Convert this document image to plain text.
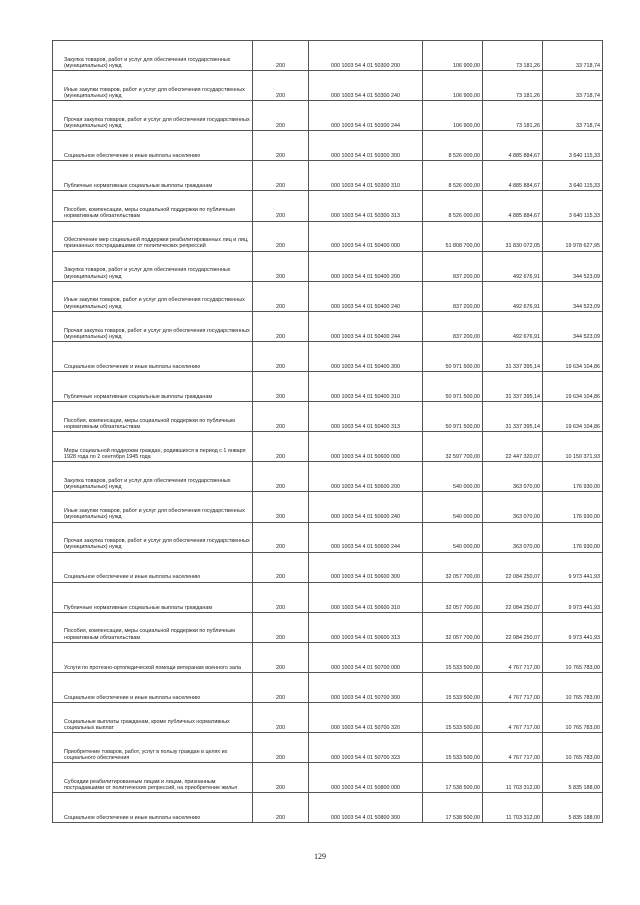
Закупка товаров, работ и услуг для обеспечения государственных (муниципальных) нужд	200	000 1003 54 4 01 50300 200	106 900,00	73 181,26	33 718,74
Иные закупки товаров, работ и услуг для обеспечения государственных (муниципальных) нужд	200	000 1003 54 4 01 50300 240	106 900,00	73 181,26	33 718,74
Прочая закупка товаров, работ и услуг для обеспечения государственных (муниципальных) нужд	200	000 1003 54 4 01 50300 244	106 900,00	73 181,26	33 718,74
Социальное обеспечение и иные выплаты населению	200	000 1003 54 4 01 50300 300	8 526 000,00	4 885 884,67	3 640 115,33
Публичные нормативные социальные выплаты гражданам	200	000 1003 54 4 01 50300 310	8 526 000,00	4 885 884,67	3 640 115,33
Пособия, компенсации, меры социальной поддержки по публичным нормативным обязательствам	200	000 1003 54 4 01 50300 313	8 526 000,00	4 885 884,67	3 640 115,33
Обеспечение мер социальной поддержки реабилитированных лиц и лиц, признанных пострадавшими от политических репрессий	200	000 1003 54 4 01 50400 000	51 808 700,00	31 830 072,05	19 978 627,95
Закупка товаров, работ и услуг для обеспечения государственных (муниципальных) нужд	200	000 1003 54 4 01 50400 200	837 200,00	492 676,91	344 523,09
Иные закупки товаров, работ и услуг для обеспечения государственных (муниципальных) нужд	200	000 1003 54 4 01 50400 240	837 200,00	492 676,91	344 523,09
Прочая закупка товаров, работ и услуг для обеспечения государственных (муниципальных) нужд	200	000 1003 54 4 01 50400 244	837 200,00	492 676,91	344 523,09
Социальное обеспечение и иные выплаты населению	200	000 1003 54 4 01 50400 300	50 971 500,00	31 337 395,14	19 634 104,86
Публичные нормативные социальные выплаты гражданам	200	000 1003 54 4 01 50400 310	50 971 500,00	31 337 395,14	19 634 104,86
Пособия, компенсации, меры социальной поддержки по публичным нормативным обязательствам	200	000 1003 54 4 01 50400 313	50 971 500,00	31 337 395,14	19 634 104,86
Меры социальной поддержки граждан, родившихся в период с 1 января 1928 года по 2 сентября 1945 года	200	000 1003 54 4 01 50600 000	32 597 700,00	22 447 320,07	10 150 371,93
Закупка товаров, работ и услуг для обеспечения государственных (муниципальных) нужд	200	000 1003 54 4 01 50600 200	540 000,00	363 070,00	176 930,00
Иные закупки товаров, работ и услуг для обеспечения государственных (муниципальных) нужд	200	000 1003 54 4 01 50600 240	540 000,00	363 070,00	176 930,00
Прочая закупка товаров, работ и услуг для обеспечения государственных (муниципальных) нужд	200	000 1003 54 4 01 50600 244	540 000,00	363 070,00	176 930,00
Социальное обеспечение и иные выплаты населению	200	000 1003 54 4 01 50600 300	32 057 700,00	22 084 250,07	9 973 441,93
Публичные нормативные социальные выплаты гражданам	200	000 1003 54 4 01 50600 310	32 057 700,00	22 084 250,07	9 973 441,93
Пособия, компенсации, меры социальной поддержки по публичным нормативным обязательствам	200	000 1003 54 4 01 50600 313	32 057 700,00	22 084 250,07	9 973 441,93
Услуги по протезно-ортопедической помощи ветеранам военного зала	200	000 1003 54 4 01 50700 000	15 533 500,00	4 767 717,00	10 765 783,00
Социальное обеспечение и иные выплаты населению	200	000 1003 54 4 01 50700 300	15 533 500,00	4 767 717,00	10 765 783,00
Социальные выплаты гражданам, кроме публичных нормативных социальных выплат	200	000 1003 54 4 01 50700 320	15 533 500,00	4 767 717,00	10 765 783,00
Приобретение товаров, работ, услуг в пользу граждан в целях их социального обеспечения	200	000 1003 54 4 01 50700 323	15 533 500,00	4 767 717,00	10 765 783,00
Субсидии реабилитированным лицам и лицам, признанным пострадавшими от политических репрессий, на приобретение жилья	200	000 1003 54 4 01 50800 000	17 538 500,00	11 703 312,00	5 835 188,00
Социальное обеспечение и иные выплаты населению	200	000 1003 54 4 01 50800 300	17 538 500,00	11 703 312,00	5 835 188,00
129
